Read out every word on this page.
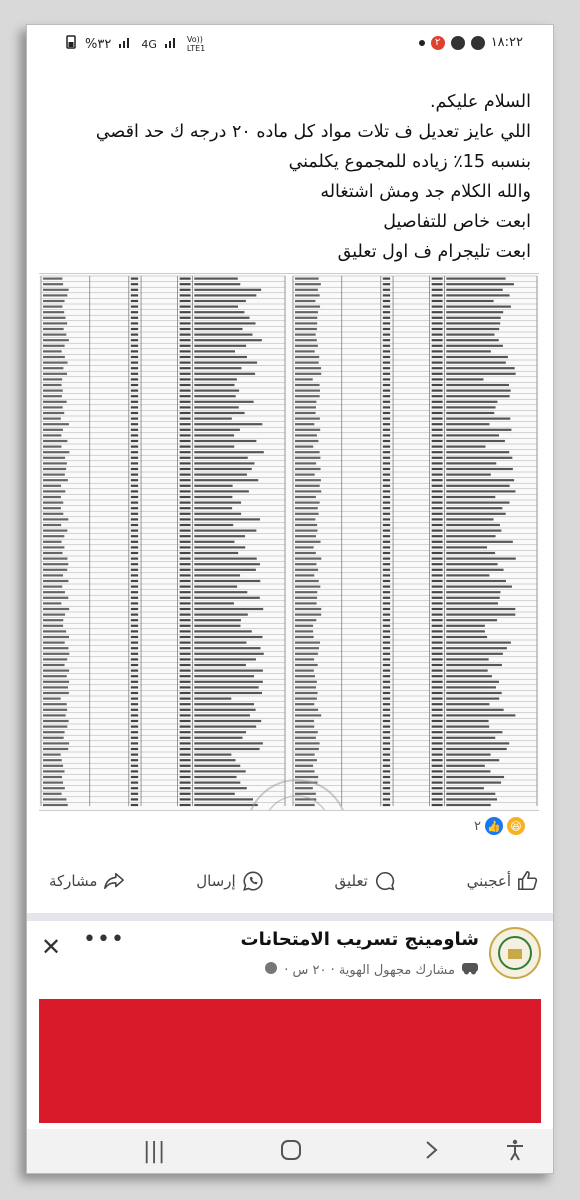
%٣٢	4G	Vo))
LTE1
٢	١٨:٢٢
السلام عليكم.
اللي عايز تعديل ف تلات مواد كل ماده ٢٠ درجه ك حد اقصي
بنسبه 15٪ زياده للمجموع يكلمني
والله الكلام جد ومش اشتغاله
ابعت خاص للتفاصيل
ابعت تليجرام ف اول تعليق
😆
👍
٢
أعجبني
تعليق
إرسال
مشاركة
✕ •••	شاومينج تسريب الامتحانات
مشارك مجهول الهوية · ٢٠ س ·
|||
